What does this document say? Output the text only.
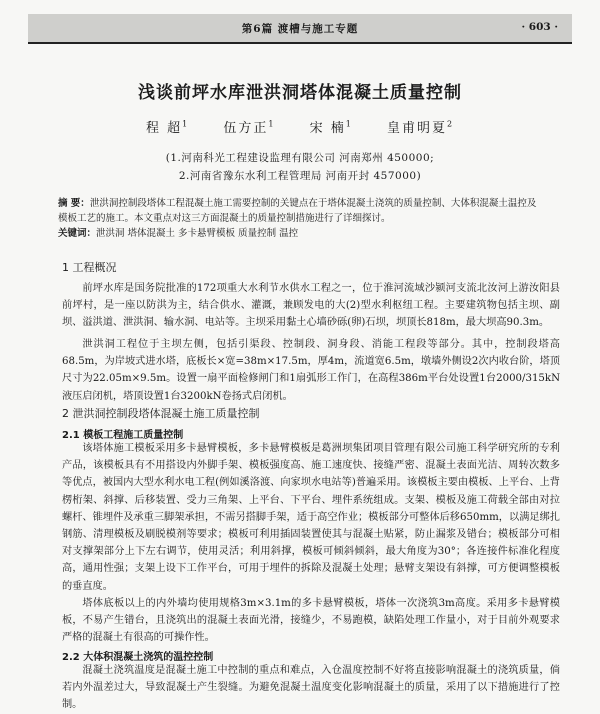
第6篇 渡槽与施工专题	· 603 ·
浅谈前坪水库泄洪洞塔体混凝土质量控制
程 超$^1$	伍方正$^1$	宋 楠$^1$	皇甫明夏$^2$
(1.河南科光工程建设监理有限公司 河南郑州 450000;
2.河南省豫东水利工程管理局 河南开封 457000)
摘 要：泄洪洞控制段塔体工程混凝土施工需要控制的关键点在于塔体混凝土浇筑的质量控制、大体积混凝土温控及模板工艺的施工。本文重点对这三方面混凝土的质量控制措施进行了详细探讨。
关键词：泄洪洞 塔体混凝土 多卡悬臂模板 质量控制 温控
1 工程概况
前坪水库是国务院批准的172项重大水利节水供水工程之一，位于淮河流域沙颍河支流北汝河上游汝阳县前坪村，是一座以防洪为主，结合供水、灌溉，兼顾发电的大(2)型水利枢纽工程。主要建筑物包括主坝、副坝、溢洪道、泄洪洞、输水洞、电站等。主坝采用黏土心墙砂砾(卵)石坝，坝顶长818m，最大坝高90.3m。
泄洪洞工程位于主坝左侧，包括引渠段、控制段、洞身段、消能工程段等部分。其中，控制段塔高68.5m，为岸坡式进水塔，底板长×宽=38m×17.5m，厚4m，流道宽6.5m，墩墙外侧设2次内收台阶，塔顶尺寸为22.05m×9.5m。设置一扇平面检修闸门和1扇弧形工作门，在高程386m平台处设置1台2000/315kN液压启闭机，塔顶设置1台3200kN卷扬式启闭机。
2 泄洪洞控制段塔体混凝土施工质量控制
2.1 模板工程施工质量控制
该塔体施工模板采用多卡悬臂模板，多卡悬臂模板是葛洲坝集团项目管理有限公司施工科学研究所的专利产品，该模板具有不用搭设内外脚手架、模板强度高、施工速度快、接缝严密、混凝土表面光洁、周转次数多等优点，被国内大型水利水电工程(例如溪洛渡、向家坝水电站等)普遍采用。该模板主要由模板、上平台、上背楞桁架、斜撑、后移装置、受力三角架、上平台、下平台、埋件系统组成。支架、模板及施工荷载全部由对拉螺杆、锥埋件及承重三脚架承担，不需另搭脚手架，适于高空作业；模板部分可整体后移650mm，以满足绑扎钢筋、清理模板及刷脱模剂等要求；模板可利用插固装置使其与混凝土贴紧，防止漏浆及错台；模板部分可相对支撑架部分上下左右调节，使用灵活；利用斜撑，模板可倾斜倾斜，最大角度为30°；各连接件标准化程度高，通用性强；支架上设下工作平台，可用于埋件的拆除及混凝土处理；悬臂支架设有斜撑，可方便调整模板的垂直度。
塔体底板以上的内外墙均使用规格3m×3.1m的多卡悬臂模板，塔体一次浇筑3m高度。采用多卡悬臂模板，不易产生错台，且浇筑出的混凝土表面光滑，接缝少，不易跑模，缺陷处理工作量小，对于目前外观要求严格的混凝土有很高的可操作性。
2.2 大体积混凝土浇筑的温控控制
混凝土浇筑温度是混凝土施工中控制的重点和难点，入仓温度控制不好将直接影响混凝土的浇筑质量，倘若内外温差过大，导致混凝土产生裂缝。为避免混凝土温度变化影响混凝土的质量，采用了以下措施进行了控制。
